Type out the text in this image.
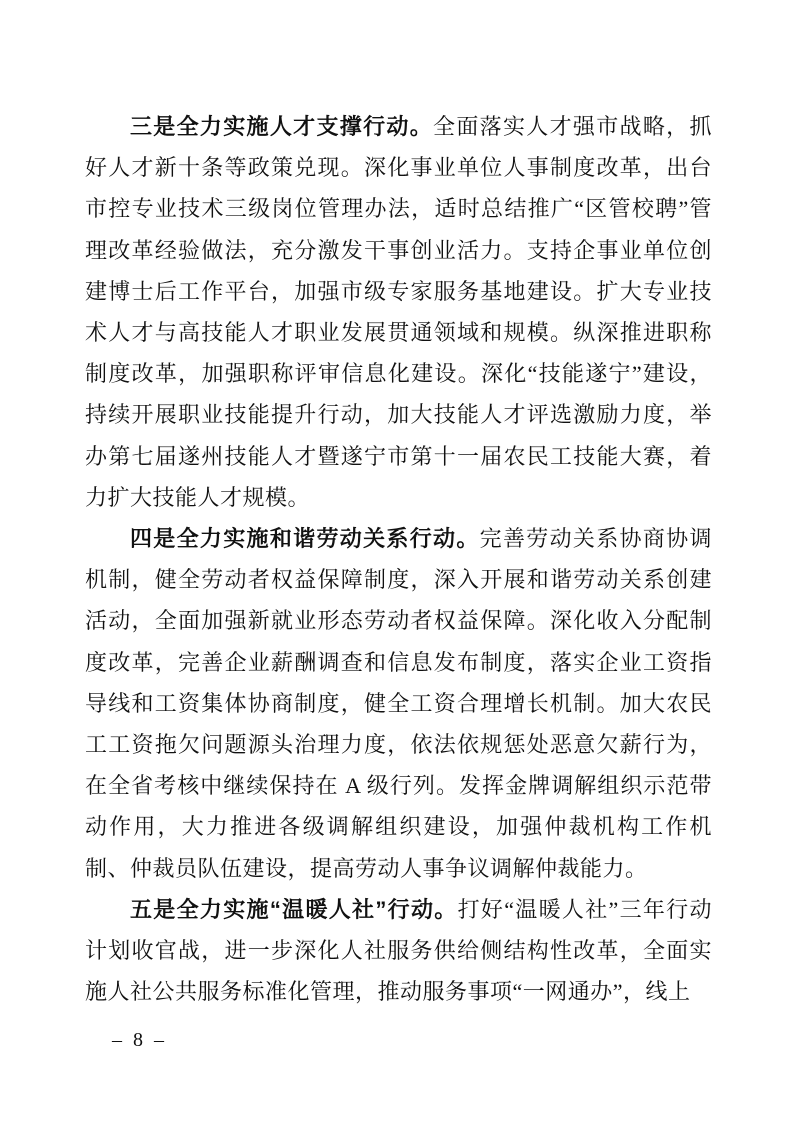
三是全力实施人才支撑行动。全面落实人才强市战略，抓好人才新十条等政策兑现。深化事业单位人事制度改革，出台市控专业技术三级岗位管理办法，适时总结推广“区管校聘”管理改革经验做法，充分激发干事创业活力。支持企事业单位创建博士后工作平台，加强市级专家服务基地建设。扩大专业技术人才与高技能人才职业发展贯通领域和规模。纵深推进职称制度改革，加强职称评审信息化建设。深化“技能遂宁”建设，持续开展职业技能提升行动，加大技能人才评选激励力度，举办第七届遂州技能人才暨遂宁市第十一届农民工技能大赛，着力扩大技能人才规模。

四是全力实施和谐劳动关系行动。完善劳动关系协商协调机制，健全劳动者权益保障制度，深入开展和谐劳动关系创建活动，全面加强新就业形态劳动者权益保障。深化收入分配制度改革，完善企业薪酬调查和信息发布制度，落实企业工资指导线和工资集体协商制度，健全工资合理增长机制。加大农民工工资拖欠问题源头治理力度，依法依规惩处恶意欠薪行为，在全省考核中继续保持在 A 级行列。发挥金牌调解组织示范带动作用，大力推进各级调解组织建设，加强仲裁机构工作机制、仲裁员队伍建设，提高劳动人事争议调解仲裁能力。

五是全力实施“温暖人社”行动。打好“温暖人社”三年行动计划收官战，进一步深化人社服务供给侧结构性改革，全面实施人社公共服务标准化管理，推动服务事项“一网通办”，线上

– 8 –
